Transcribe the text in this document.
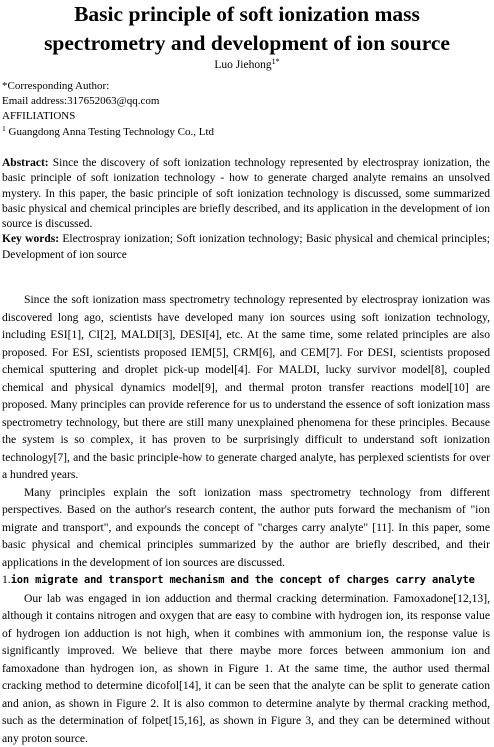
Basic principle of soft ionization mass
spectrometry and development of ion source
Luo Jiehong$^{1*}$
*Corresponding Author:
Email address:317652063@qq.com
AFFILIATIONS
$^1$ Guangdong Anna Testing Technology Co., Ltd

Abstract: Since the discovery of soft ionization technology represented by electrospray ionization, the basic principle of soft ionization technology - how to generate charged analyte remains an unsolved mystery. In this paper, the basic principle of soft ionization technology is discussed, some summarized basic physical and chemical principles are briefly described, and its application in the development of ion source is discussed.

Key words: Electrospray ionization; Soft ionization technology; Basic physical and chemical principles; Development of ion source

Since the soft ionization mass spectrometry technology represented by electrospray ionization was discovered long ago, scientists have developed many ion sources using soft ionization technology, including ESI[1], CI[2], MALDI[3], DESI[4], etc. At the same time, some related principles are also proposed. For ESI, scientists proposed IEM[5], CRM[6], and CEM[7]. For DESI, scientists proposed chemical sputtering and droplet pick-up model[4]. For MALDI, lucky survivor model[8], coupled chemical and physical dynamics model[9], and thermal proton transfer reactions model[10] are proposed. Many principles can provide reference for us to understand the essence of soft ionization mass spectrometry technology, but there are still many unexplained phenomena for these principles. Because the system is so complex, it has proven to be surprisingly difficult to understand soft ionization technology[7], and the basic principle-how to generate charged analyte, has perplexed scientists for over a hundred years.

Many principles explain the soft ionization mass spectrometry technology from different perspectives. Based on the author's research content, the author puts forward the mechanism of "ion migrate and transport", and expounds the concept of "charges carry analyte" [11]. In this paper, some basic physical and chemical principles summarized by the author are briefly described, and their applications in the development of ion sources are discussed.

1.ion migrate and transport mechanism and the concept of charges carry analyte

Our lab was engaged in ion adduction and thermal cracking determination. Famoxadone[12,13], although it contains nitrogen and oxygen that are easy to combine with hydrogen ion, its response value of hydrogen ion adduction is not high, when it combines with ammonium ion, the response value is significantly improved. We believe that there maybe more forces between ammonium ion and famoxadone than hydrogen ion, as shown in Figure 1. At the same time, the author used thermal cracking method to determine dicofol[14], it can be seen that the analyte can be split to generate cation and anion, as shown in Figure 2. It is also common to determine analyte by thermal cracking method, such as the determination of folpet[15,16], as shown in Figure 3, and they can be determined without any proton source.
